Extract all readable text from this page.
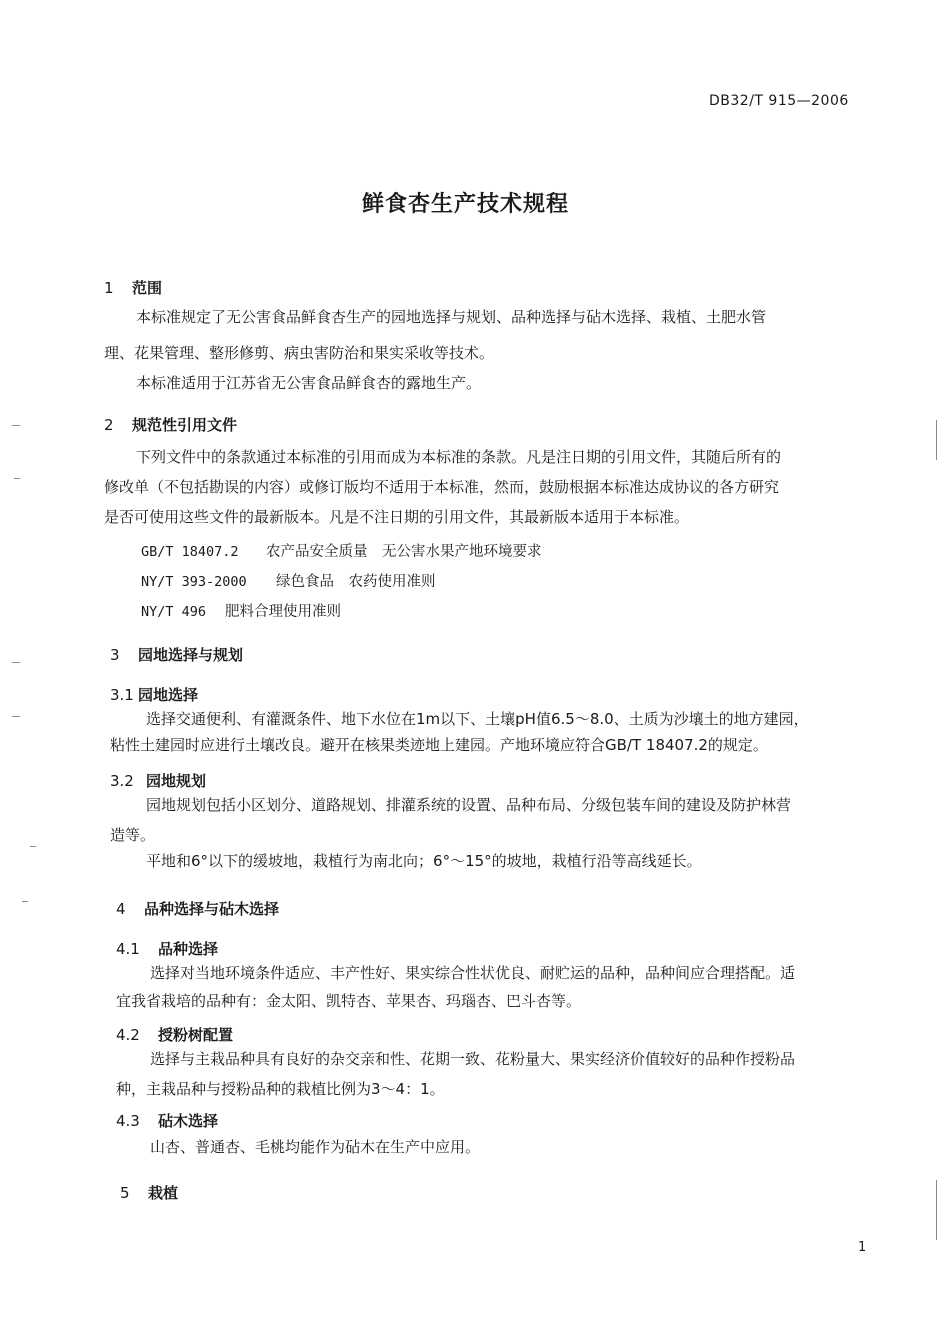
DB32/T 915—2006
鲜食杏生产技术规程
1 范围
本标准规定了无公害食品鲜食杏生产的园地选择与规划、品种选择与砧木选择、栽植、土肥水管
理、花果管理、整形修剪、病虫害防治和果实采收等技术。
本标准适用于江苏省无公害食品鲜食杏的露地生产。
2 规范性引用文件
下列文件中的条款通过本标准的引用而成为本标准的条款。凡是注日期的引用文件，其随后所有的
修改单（不包括勘误的内容）或修订版均不适用于本标准，然而，鼓励根据本标准达成协议的各方研究
是否可使用这些文件的最新版本。凡是不注日期的引用文件，其最新版本适用于本标准。
GB/T 18407.2 农产品安全质量　无公害水果产地环境要求
NY/T 393-2000 绿色食品　农药使用准则
NY/T 496 肥料合理使用准则
3 园地选择与规划
3.1 园地选择
选择交通便利、有灌溉条件、地下水位在1m以下、土壤pH值6.5～8.0、土质为沙壤土的地方建园，
粘性土建园时应进行土壤改良。避开在核果类迹地上建园。产地环境应符合GB/T 18407.2的规定。
3.2 园地规划
园地规划包括小区划分、道路规划、排灌系统的设置、品种布局、分级包装车间的建设及防护林营
造等。
平地和6°以下的缓坡地，栽植行为南北向；6°～15°的坡地，栽植行沿等高线延长。
4 品种选择与砧木选择
4.1 品种选择
选择对当地环境条件适应、丰产性好、果实综合性状优良、耐贮运的品种，品种间应合理搭配。适
宜我省栽培的品种有：金太阳、凯特杏、苹果杏、玛瑙杏、巴斗杏等。
4.2 授粉树配置
选择与主栽品种具有良好的杂交亲和性、花期一致、花粉量大、果实经济价值较好的品种作授粉品
种，主栽品种与授粉品种的栽植比例为3～4：1。
4.3 砧木选择
山杏、普通杏、毛桃均能作为砧木在生产中应用。
5 栽植
1
